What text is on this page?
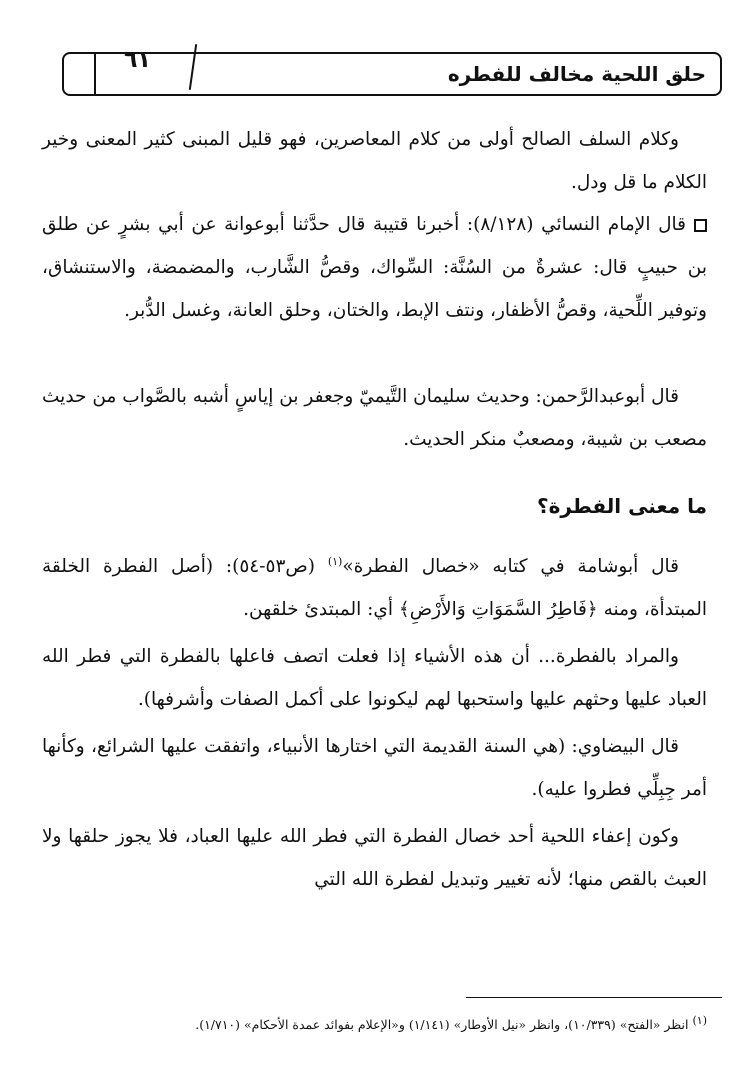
حلق اللحية مخالف للفطره
٦١

وكلام السلف الصالح أولى من كلام المعاصرين، فهو قليل المبنى كثير المعنى وخير الكلام ما قل ودل.

قال الإمام النسائي (٨/١٢٨): أخبرنا قتيبة قال حدَّثنا أبوعوانة عن أبي بشرٍ عن طلق بن حبيبٍ قال: عشرةٌ من السُنَّة: السِّواك، وقصُّ الشَّارب، والمضمضة، والاستنشاق، وتوفير اللِّحية، وقصُّ الأظفار، ونتف الإبط، والختان، وحلق العانة، وغسل الدُّبر.

قال أبوعبدالرَّحمن: وحديث سليمان التَّيميّ وجعفر بن إياسٍ أشبه بالصَّواب من حديث مصعب بن شيبة، ومصعبٌ منكر الحديث.

ما معنى الفطرة؟

قال أبوشامة في كتابه «خصال الفطرة»$^{(١)}$ (ص٥٣-٥٤): (أصل الفطرة الخلقة المبتدأة، ومنه ﴿فَاطِرُ السَّمَوَاتِ وَالأَرْضِ﴾ أي: المبتدئ خلقهن.

والمراد بالفطرة... أن هذه الأشياء إذا فعلت اتصف فاعلها بالفطرة التي فطر الله العباد عليها وحثهم عليها واستحبها لهم ليكونوا على أكمل الصفات وأشرفها).

قال البيضاوي: (هي السنة القديمة التي اختارها الأنبياء، واتفقت عليها الشرائع، وكأنها أمر جِبِلِّي فطروا عليه).

وكون إعفاء اللحية أحد خصال الفطرة التي فطر الله عليها العباد، فلا يجوز حلقها ولا العبث بالقص منها؛ لأنه تغيير وتبديل لفطرة الله التي

(١) انظر «الفتح» (١٠/٣٣٩)، وانظر «نيل الأوطار» (١/١٤١) و«الإعلام بفوائد عمدة الأحكام» (١/٧١٠).
